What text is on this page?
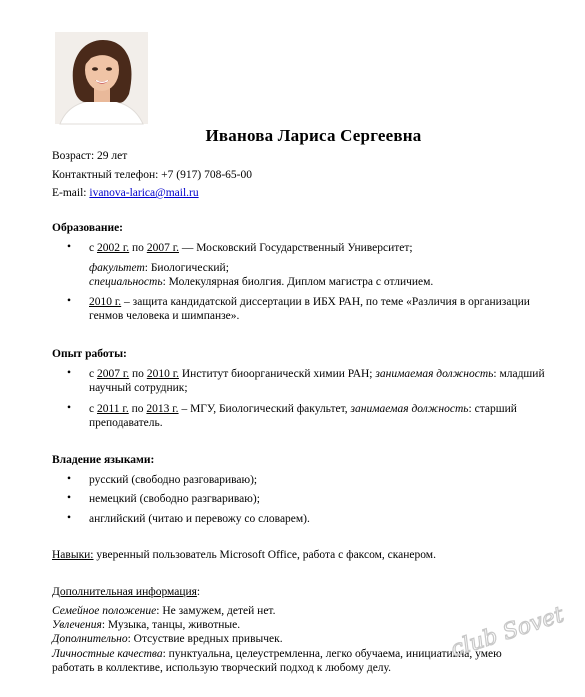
Иванова Лариса Сергеевна
Возраст: 29 лет
Контактный телефон: +7 (917) 708-65-00
E-mail: ivanova-larica@mail.ru
Образование:
• с 2002 г. по 2007 г. — Московский Государственный Университет;
факультет: Биологический;
специальность: Молекулярная биолгия. Диплом магистра с отличием.
• 2010 г. – защита кандидатской диссертации в ИБХ РАН, по теме «Различия в организации генмов человека и шимпанзе».
Опыт работы:
• с 2007 г. по 2010 г. Институт биоорганическй химии РАН; занимаемая должность: младший научный сотрудник;
• с 2011 г. по 2013 г. – МГУ, Биологический факультет, занимаемая должность: старший преподаватель.
Владение языками:
• русский (свободно разговариваю);
• немецкий (свободно разгвариваю);
• английский (читаю и перевожу со словарем).
Навыки: уверенный пользователь Microsoft Office, работа с факсом, сканером.
Дополнительная информация:
Семейное положение: Не замужем, детей нет.
Увлечения: Музыка, танцы, животные.
Дополнительно: Отсуствие вредных привычек.
Личностные качества: пунктуальна, целеустремленна, легко обучаема, инициативна, умею работать в коллективе, использую творческий подход к любому делу.
club Sovet
